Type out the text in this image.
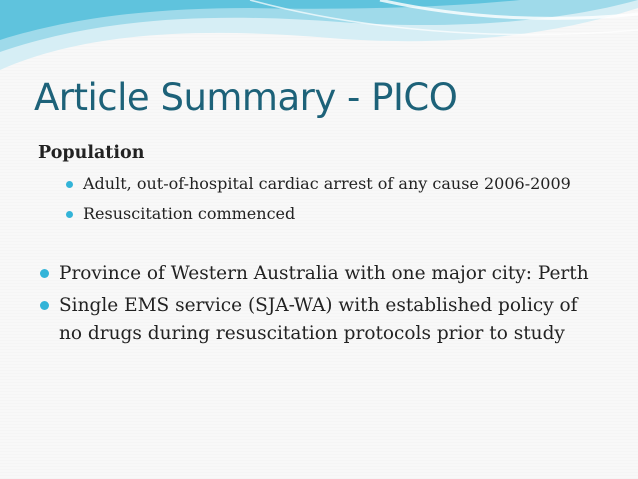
Article Summary - PICO
Population
Adult, out-of-hospital cardiac arrest of any cause 2006-2009
Resuscitation commenced
Province of Western Australia with one major city: Perth
Single EMS service (SJA-WA) with established policy of no drugs during resuscitation protocols prior to study
